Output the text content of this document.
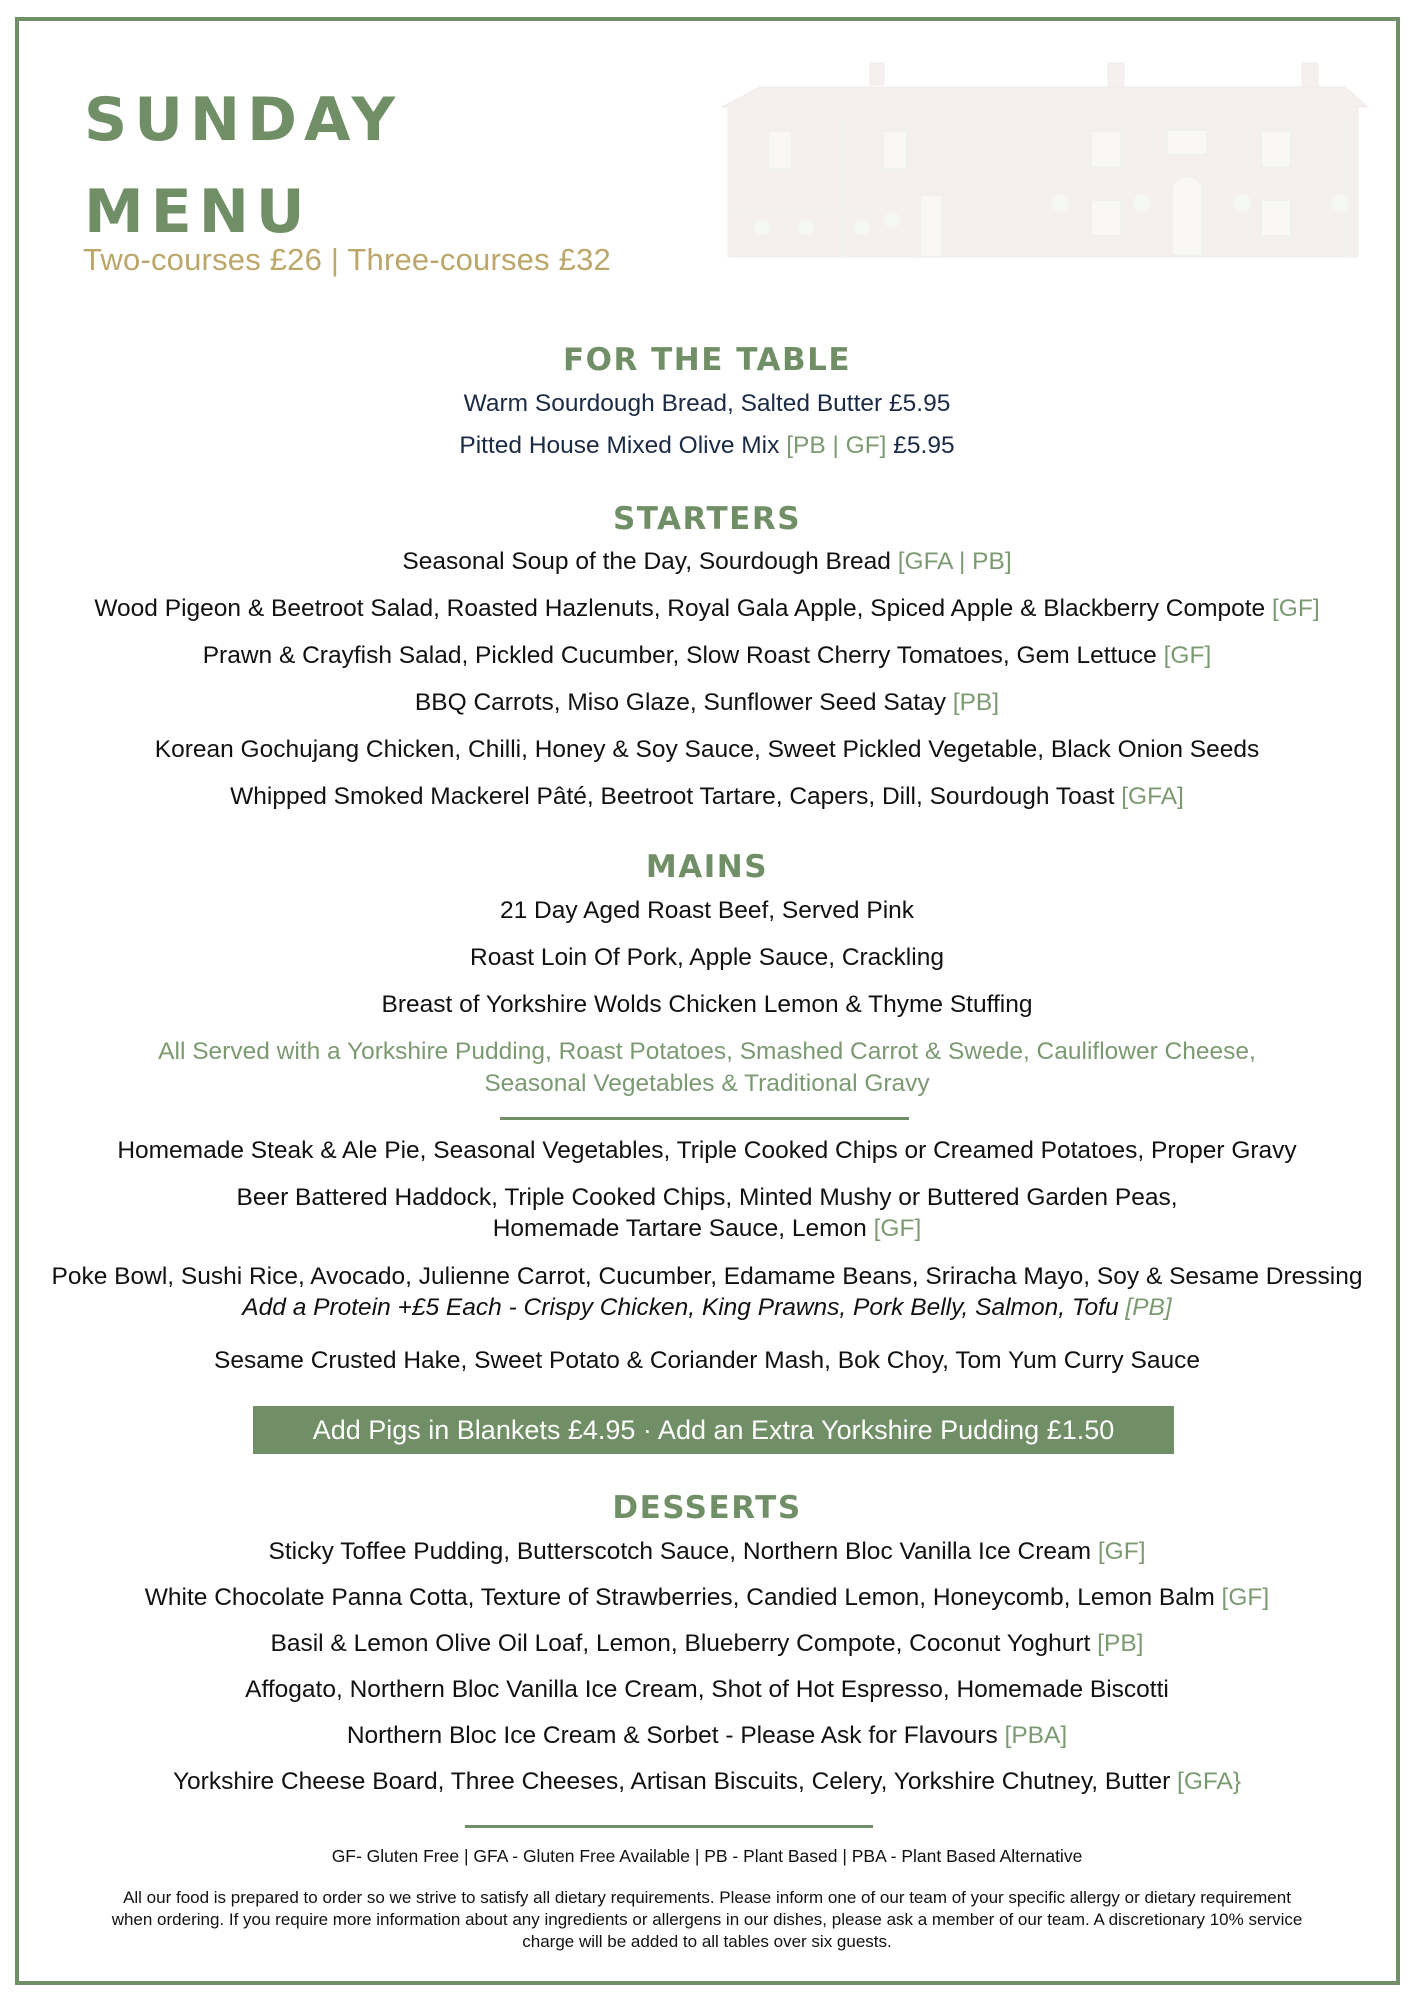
SUNDAY
MENU
Two-courses £26 | Three-courses £32
FOR THE TABLE

Warm Sourdough Bread, Salted Butter £5.95

Pitted House Mixed Olive Mix [PB | GF] £5.95

STARTERS

Seasonal Soup of the Day, Sourdough Bread [GFA | PB]

Wood Pigeon & Beetroot Salad, Roasted Hazlenuts, Royal Gala Apple, Spiced Apple & Blackberry Compote [GF]

Prawn & Crayfish Salad, Pickled Cucumber, Slow Roast Cherry Tomatoes, Gem Lettuce [GF]

BBQ Carrots, Miso Glaze, Sunflower Seed Satay [PB]

Korean Gochujang Chicken, Chilli, Honey & Soy Sauce, Sweet Pickled Vegetable, Black Onion Seeds

Whipped Smoked Mackerel Pâté, Beetroot Tartare, Capers, Dill, Sourdough Toast [GFA]

MAINS

21 Day Aged Roast Beef, Served Pink

Roast Loin Of Pork, Apple Sauce, Crackling

Breast of Yorkshire Wolds Chicken Lemon & Thyme Stuffing

All Served with a Yorkshire Pudding, Roast Potatoes, Smashed Carrot & Swede, Cauliflower Cheese,

Seasonal Vegetables & Traditional Gravy

Homemade Steak & Ale Pie, Seasonal Vegetables, Triple Cooked Chips or Creamed Potatoes, Proper Gravy

Beer Battered Haddock, Triple Cooked Chips, Minted Mushy or Buttered Garden Peas,

Homemade Tartare Sauce, Lemon [GF]

Poke Bowl, Sushi Rice, Avocado, Julienne Carrot, Cucumber, Edamame Beans, Sriracha Mayo, Soy & Sesame Dressing

Add a Protein +£5 Each - Crispy Chicken, King Prawns, Pork Belly, Salmon, Tofu [PB]

Sesame Crusted Hake, Sweet Potato & Coriander Mash, Bok Choy, Tom Yum Curry Sauce

Add Pigs in Blankets £4.95 · Add an Extra Yorkshire Pudding £1.50
DESSERTS

Sticky Toffee Pudding, Butterscotch Sauce, Northern Bloc Vanilla Ice Cream [GF]

White Chocolate Panna Cotta, Texture of Strawberries, Candied Lemon, Honeycomb, Lemon Balm [GF]

Basil & Lemon Olive Oil Loaf, Lemon, Blueberry Compote, Coconut Yoghurt [PB]

Affogato, Northern Bloc Vanilla Ice Cream, Shot of Hot Espresso, Homemade Biscotti

Northern Bloc Ice Cream & Sorbet - Please Ask for Flavours [PBA]

Yorkshire Cheese Board, Three Cheeses, Artisan Biscuits, Celery, Yorkshire Chutney, Butter [GFA}

GF- Gluten Free | GFA - Gluten Free Available | PB - Plant Based | PBA - Plant Based Alternative
All our food is prepared to order so we strive to satisfy all dietary requirements. Please inform one of our team of your specific allergy or dietary requirement
when ordering. If you require more information about any ingredients or allergens in our dishes, please ask a member of our team. A discretionary 10% service
charge will be added to all tables over six guests.
